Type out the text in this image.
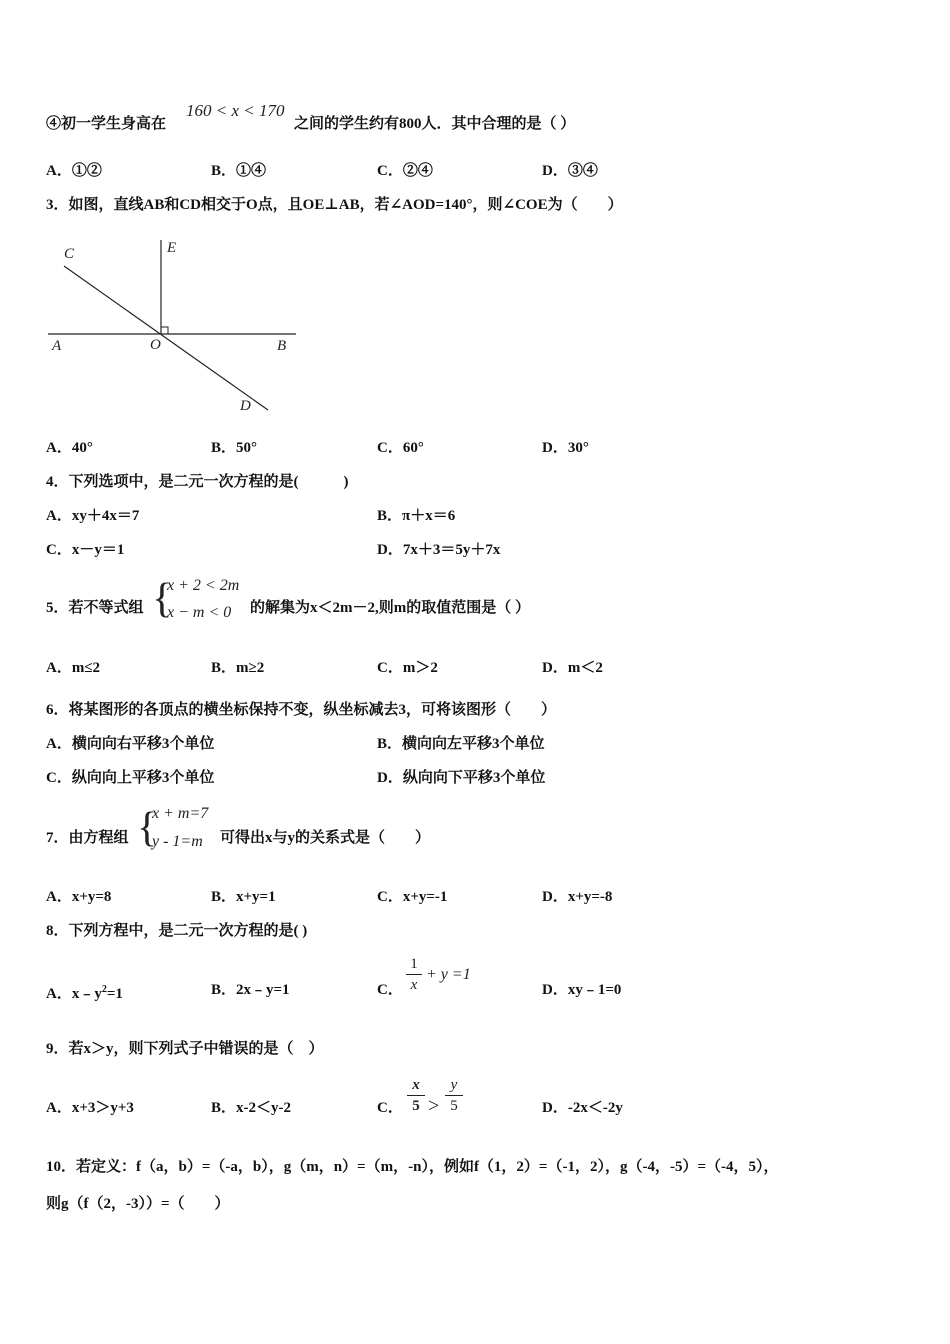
160 < x < 170
④初一学生身高在	之间的学生约有800人．其中合理的是（ ）
A．①②	B．①④	C．②④	D．③④
3．如图，直线AB和CD相交于O点，且OE⊥AB，若∠AOD=140°，则∠COE为（　　）
C	E
A	O	B
D
A．40°	B．50°	C．60°	D．30°
4．下列选项中，是二元一次方程的是(　　　)
A．xy＋4x＝7	B．π＋x＝6
C．x－y＝1	D．7x＋3＝5y＋7x
5．若不等式组 {
x + 2 < 2m
x − m < 0 的解集为x＜2m－2,则m的取值范围是（ ）
A．m≤2	B．m≥2	C．m＞2	D．m＜2
6．将某图形的各顶点的横坐标保持不变，纵坐标减去3，可将该图形（　　）
A．横向向右平移3个单位	B．横向向左平移3个单位
C．纵向向上平移3个单位	D．纵向向下平移3个单位
7．由方程组 {
x + m=7
y - 1=m 可得出x与y的关系式是（　　）
A．x+y=8	B．x+y=1	C．x+y=-1	D．x+y=-8
8．下列方程中，是二元一次方程的是( )
A．$x﹣y^2=1$	B．2x﹣y=1	C．
1
x
+ y =1
D．xy﹣1=0
9．若x＞y，则下列式子中错误的是（　）
A．x+3＞y+3	B．x-2＜y-2	C．
x
5 >
y
5	D．-2x＜-2y
10．若定义：f（a，b）=（-a，b），g（m，n）=（m，-n），例如f（1，2）=（-1，2），g（-4，-5）=（-4，5），
则g（f（2，-3））=（　　）
